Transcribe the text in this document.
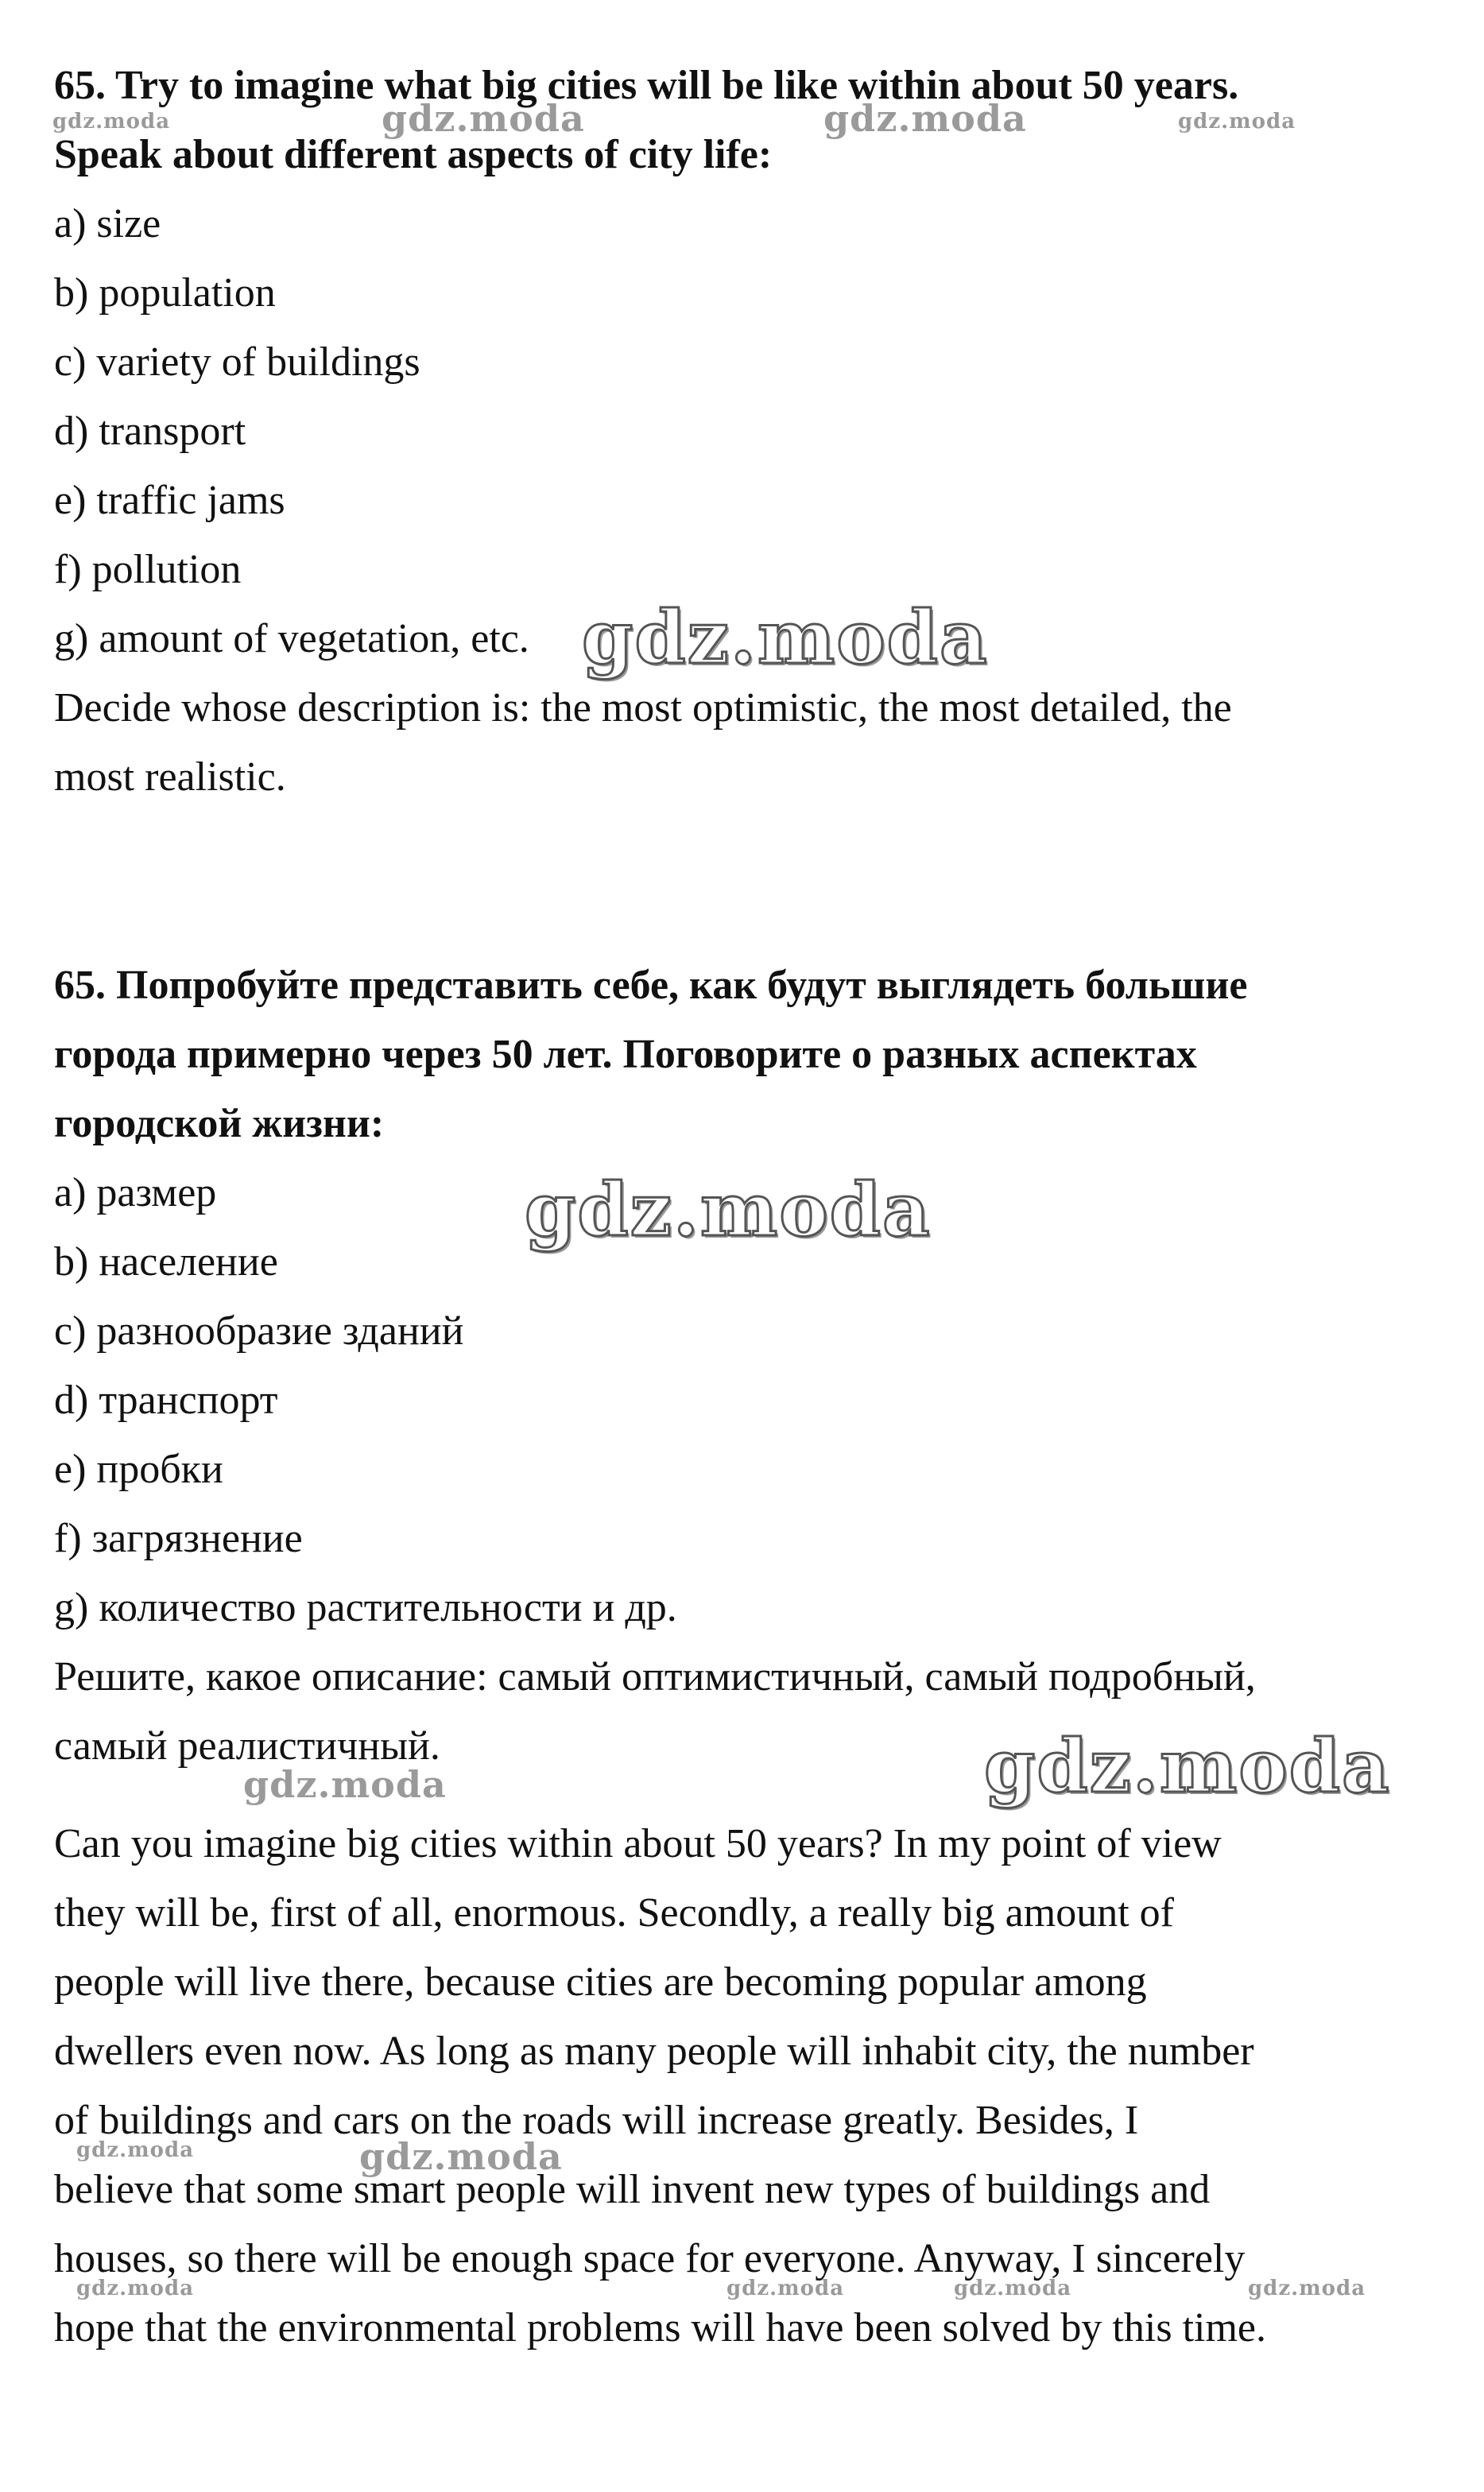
65. Try to imagine what big cities will be like within about 50 years.
Speak about different aspects of city life:
a) size
b) population
c) variety of buildings
d) transport
e) traffic jams
f) pollution
g) amount of vegetation, etc.
Decide whose description is: the most optimistic, the most detailed, the
most realistic.
65. Попробуйте представить себе, как будут выглядеть большие
города примерно через 50 лет. Поговорите о разных аспектах
городской жизни:
a) размер
b) население
c) разнообразие зданий
d) транспорт
e) пробки
f) загрязнение
g) количество растительности и др.
Решите, какое описание: самый оптимистичный, самый подробный,
самый реалистичный.
Can you imagine big cities within about 50 years? In my point of view
they will be, first of all, enormous. Secondly, a really big amount of
people will live there, because cities are becoming popular among
dwellers even now. As long as many people will inhabit city, the number
of buildings and cars on the roads will increase greatly. Besides, I
believe that some smart people will invent new types of buildings and
houses, so there will be enough space for everyone. Anyway, I sincerely
hope that the environmental problems will have been solved by this time.
gdz.moda	gdz.moda	gdz.moda	gdz.moda
gdz.moda
gdz.moda
gdz.moda
gdz.moda
gdz.moda	gdz.moda
gdz.moda	gdz.moda	gdz.moda	gdz.moda
